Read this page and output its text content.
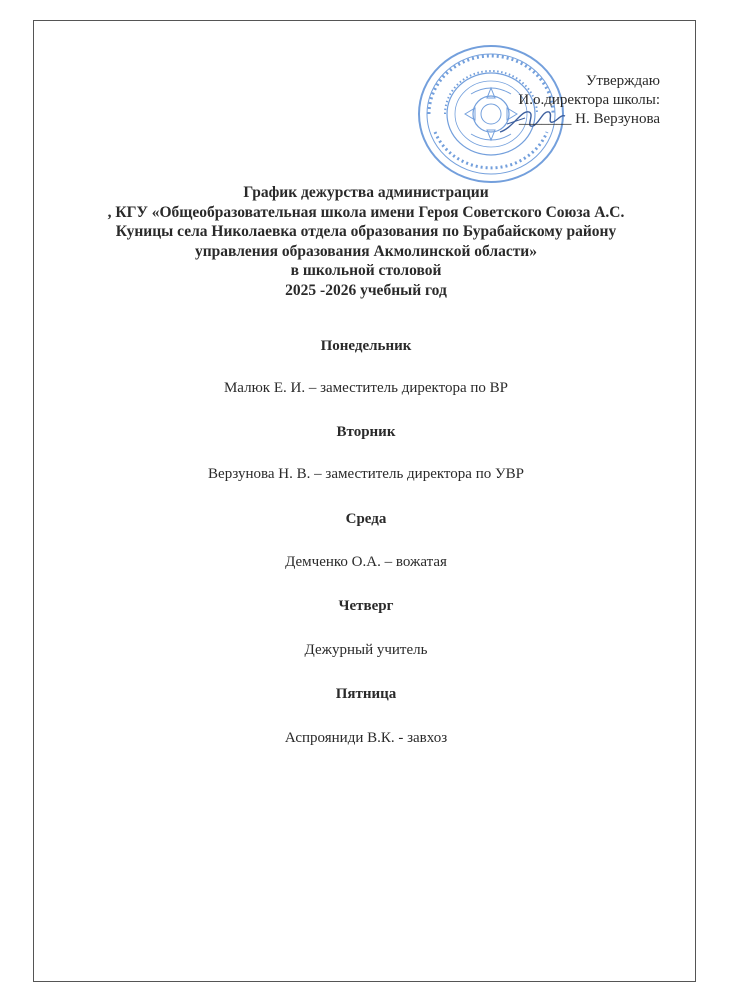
Утверждаю
И.о.директора школы:
_______ Н. Верзунова
График дежурства администрации
, КГУ «Общеобразовательная школа имени Героя Советского Союза А.С.
Куницы села Николаевка отдела образования по Бурабайскому району
управления образования Акмолинской области»
в школьной столовой
2025 -2026 учебный год
Понедельник
Малюк Е. И. – заместитель директора по ВР
Вторник
Верзунова Н. В. – заместитель директора по УВР
Среда
Демченко О.А. – вожатая
Четверг
Дежурный учитель
Пятница
Аспрояниди В.К. - завхоз
